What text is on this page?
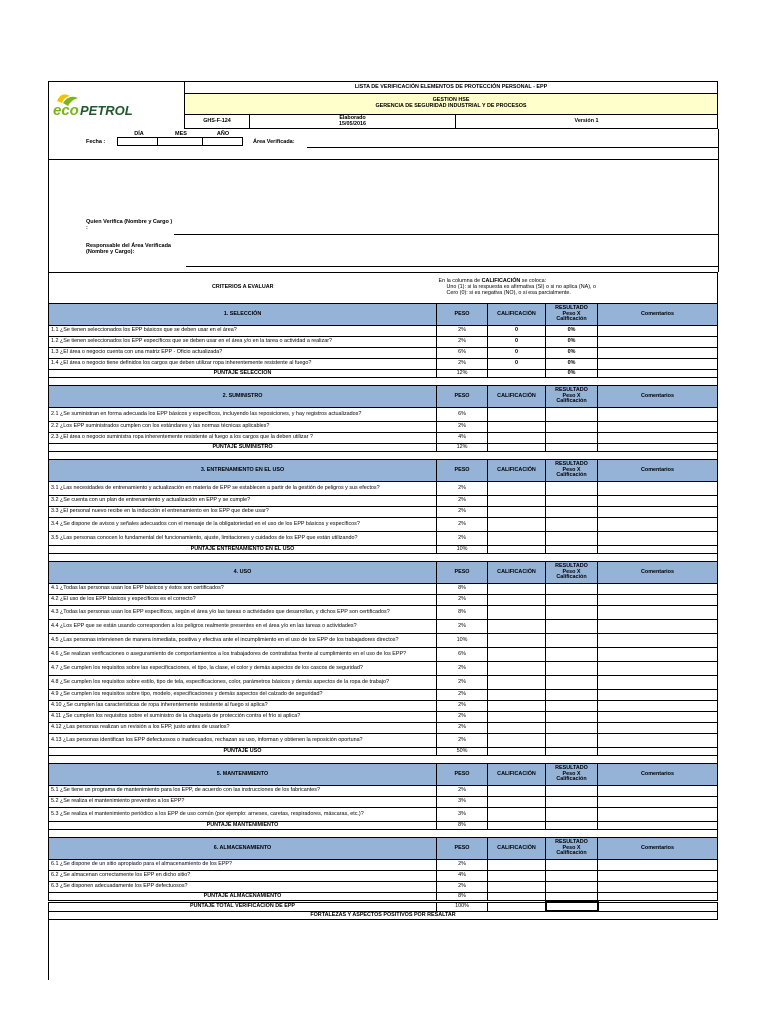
eco PETROL	LISTA DE VERIFICACIÓN ELEMENTOS DE PROTECCIÓN PERSONAL - EPP		

	GESTION HSE
GERENCIA DE SEGURIDAD INDUSTRIAL Y DE PROCESOS		

	GHS-F-124	Elaborado
15/05/2016	Versión 1
DÍA	MES	AÑO
Fecha :	Área Verificada:
Quien Verifica (Nombre y Cargo ) :
Responsable del Área Verificada (Nombre y Cargo):
CRITERIOS A EVALUAR	En la columna de CALIFICACIÓN se coloca:
Uno (1): si la respuesta es afirmativa (SI) o si no aplica (NA), o
Cero (0): si es negativa (NO), o si esa parcialmente.			

1. SELECCIÓN	PESO	CALIFICACIÓN	RESULTADO Peso X Calificación	Comentarios
1.1 ¿Se tienen seleccionados los EPP básicos que se deben usar en el área?	2%	0	0%	
1.2 ¿Se tienen seleccionados los EPP específicos que se deben usar en el área y/o en la tarea o actividad a realizar?	2%	0	0%	
1.3 ¿El área o negocio cuenta con una matriz EPP - Oficio actualizada?	6%	0	0%	
1.4 ¿El área o negocio tiene definidos los cargos que deben utilizar ropa inherentemente resistente al fuego?	2%	0	0%	
PUNTAJE SELECCIÓN	12%		0%	

2. SUMINISTRO	PESO	CALIFICACIÓN	RESULTADO Peso X Calificación	Comentarios
2.1 ¿Se suministran en forma adecuada los EPP básicos y específicos, incluyendo las reposiciones, y hay registros actualizados?	6%			
2.2 ¿Los EPP suministrados cumplen con los estándares y las normas técnicas aplicables?	2%			
2.3 ¿El área o negocio suministra ropa inherentemente resistente al fuego a los cargos que la deben utilizar ?	4%			
PUNTAJE SUMINISTRO	12%			

3. ENTRENAMIENTO EN EL USO	PESO	CALIFICACIÓN	RESULTADO Peso X Calificación	Comentarios
3.1 ¿Las necesidades de entrenamiento y actualización en materia de EPP se establecen a partir de la gestión de peligros y sus efectos?	2%			
3.2 ¿Se cuenta con un plan de entrenamiento y actualización en EPP y se cumple?	2%			
3.3 ¿El personal nuevo recibe en la inducción el entrenamiento en los EPP que debe usar?	2%			
3.4 ¿Se dispone de avisos y señales adecuados con el mensaje de la obligatoriedad en el uso de los EPP básicos y específicos?	2%			
3.5 ¿Las personas conocen lo fundamental del funcionamiento, ajuste, limitaciones y cuidados de los EPP que están utilizando?	2%			
PUNTAJE ENTRENAMIENTO EN EL USO	10%			

4. USO	PESO	CALIFICACIÓN	RESULTADO Peso X Calificación	Comentarios
4.1 ¿Todas las personas usan los EPP básicos y éstos son certificados?	8%			
4.2 ¿El uso de los EPP básicos y específicos es el correcto?	2%			
4.3 ¿Todas las personas usan los EPP específicos, según el área y/o las tareas o actividades que desarrollan, y dichos EPP son certificados?	8%			
4.4 ¿Los EPP que se están usando corresponden a los peligros realmente presentes en el área y/o en las tareas o actividades?	2%			
4.5 ¿Las personas intervienen de manera inmediata, positiva y efectiva ante el incumplimiento en el uso de los EPP de los trabajadores directos?	10%			
4.6 ¿Se realizan verificaciones o aseguramiento de comportamientos a los trabajadores de contratistas frente al cumplimiento en el uso de los EPP?	6%			
4.7 ¿Se cumplen los requisitos sobre las especificaciones, el tipo, la clase, el color y demás aspectos de los cascos de seguridad?	2%			
4.8 ¿Se cumplen los requisitos sobre estilo, tipo de tela, especificaciones, color, parámetros básicos y demás aspectos de la ropa de trabajo?	2%			
4.9 ¿Se cumplen los requisitos sobre tipo, modelo, especificaciones y demás aspectos del calzado de seguridad?	2%			
4.10 ¿Se cumplen las características de ropa inherentemente resistente al fuego si aplica?	2%			
4.11 ¿Se cumplen los requisitos sobre el suministro de la chaqueta de protección contra el frío si aplica?	2%			
4.12 ¿Las personas realizan un revisión a los EPP, justo antes de usarlos?	2%			
4.13 ¿Las personas identifican los EPP defectuosos o inadecuados, rechazan su uso, informan y obtienen la reposición oportuna?	2%			
PUNTAJE USO	50%			

5. MANTENIMIENTO	PESO	CALIFICACIÓN	RESULTADO Peso X Calificación	Comentarios
5.1 ¿Se tiene un programa de mantenimiento para los EPP, de acuerdo con las instrucciones de los fabricantes?	2%			
5.2 ¿Se realiza el mantenimiento preventivo a los EPP?	3%			
5.3 ¿Se realiza el mantenimiento periódico a los EPP de uso común (por ejemplo: arneses, caretas, respiradores, máscaras, etc.)?	3%			
PUNTAJE MANTENIMIENTO	8%			

6. ALMACENAMIENTO	PESO	CALIFICACIÓN	RESULTADO Peso X Calificación	Comentarios
6.1 ¿Se dispone de un sitio apropiado para el almacenamiento de los EPP?	2%			
6.2 ¿Se almacenan correctamente los EPP en dicho sitio?	4%			
6.3 ¿Se disponen adecuadamente los EPP defectuosos?	2%			
PUNTAJE ALMACENAMIENTO	8%			
PUNTAJE TOTAL VERIFICACIÓN DE EPP	100%			
FORTALEZAS Y ASPECTOS POSITIVOS POR RESALTAR
